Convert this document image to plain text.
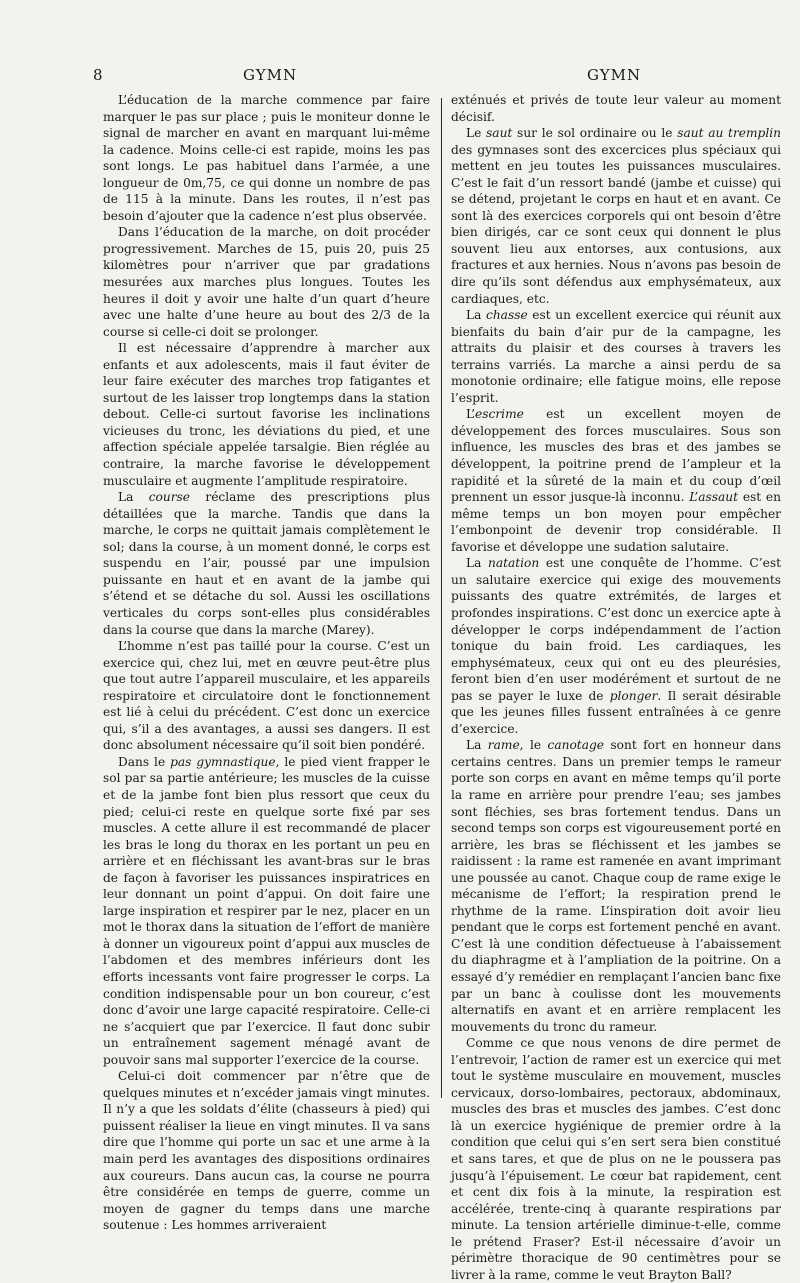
8	GYMN	GYMN

L’éducation de la marche commence par faire marquer le pas sur place ; puis le moniteur donne le signal de marcher en avant en marquant lui-même la cadence. Moins celle-ci est rapide, moins les pas sont longs. Le pas habituel dans l’armée, a une longueur de 0m,75, ce qui donne un nombre de pas de 115 à la minute. Dans les routes, il n’est pas besoin d’ajouter que la cadence n’est plus observée.

Dans l’éducation de la marche, on doit procéder progressivement. Marches de 15, puis 20, puis 25 kilomètres pour n’arriver que par gradations mesurées aux marches plus longues. Toutes les heures il doit y avoir une halte d’un quart d’heure avec une halte d’une heure au bout des 2/3 de la course si celle-ci doit se prolonger.

Il est nécessaire d’apprendre à marcher aux enfants et aux adolescents, mais il faut éviter de leur faire exécuter des marches trop fatigantes et surtout de les laisser trop longtemps dans la station debout. Celle-ci surtout favorise les inclinations vicieuses du tronc, les déviations du pied, et une affection spéciale appelée tarsalgie. Bien réglée au contraire, la marche favorise le développement musculaire et augmente l’amplitude respiratoire.

La course réclame des prescriptions plus détaillées que la marche. Tandis que dans la marche, le corps ne quittait jamais complètement le sol; dans la course, à un moment donné, le corps est suspendu en l’air, poussé par une impulsion puissante en haut et en avant de la jambe qui s’étend et se détache du sol. Aussi les oscillations verticales du corps sont-elles plus considérables dans la course que dans la marche (Marey).

L’homme n’est pas taillé pour la course. C’est un exercice qui, chez lui, met en œuvre peut-être plus que tout autre l’appareil musculaire, et les appareils respiratoire et circulatoire dont le fonctionnement est lié à celui du précédent. C’est donc un exercice qui, s’il a des avantages, a aussi ses dangers. Il est donc absolument nécessaire qu’il soit bien pondéré.

Dans le pas gymnastique, le pied vient frapper le sol par sa partie antérieure; les muscles de la cuisse et de la jambe font bien plus ressort que ceux du pied; celui-ci reste en quelque sorte fixé par ses muscles. A cette allure il est recommandé de placer les bras le long du thorax en les portant un peu en arrière et en fléchissant les avant-bras sur le bras de façon à favoriser les puissances inspiratrices en leur donnant un point d’appui. On doit faire une large inspiration et respirer par le nez, placer en un mot le thorax dans la situation de l’effort de manière à donner un vigoureux point d’appui aux muscles de l’abdomen et des membres inférieurs dont les efforts incessants vont faire progresser le corps. La condition indispensable pour un bon coureur, c’est donc d’avoir une large capacité respiratoire. Celle-ci ne s’acquiert que par l’exercice. Il faut donc subir un entraînement sagement ménagé avant de pouvoir sans mal supporter l’exercice de la course.

Celui-ci doit commencer par n’être que de quelques minutes et n’excéder jamais vingt minutes. Il n’y a que les soldats d’élite (chasseurs à pied) qui puissent réaliser la lieue en vingt minutes. Il va sans dire que l’homme qui porte un sac et une arme à la main perd les avantages des dispositions ordinaires aux coureurs. Dans aucun cas, la course ne pourra être considérée en temps de guerre, comme un moyen de gagner du temps dans une marche soutenue : Les hommes arriveraient

exténués et privés de toute leur valeur au moment décisif.

Le saut sur le sol ordinaire ou le saut au tremplin des gymnases sont des excercices plus spéciaux qui mettent en jeu toutes les puissances musculaires. C’est le fait d’un ressort bandé (jambe et cuisse) qui se détend, projetant le corps en haut et en avant. Ce sont là des exercices corporels qui ont besoin d’être bien dirigés, car ce sont ceux qui donnent le plus souvent lieu aux entorses, aux contusions, aux fractures et aux hernies. Nous n’avons pas besoin de dire qu’ils sont défendus aux emphysémateux, aux cardiaques, etc.

La chasse est un excellent exercice qui réunit aux bienfaits du bain d’air pur de la campagne, les attraits du plaisir et des courses à travers les terrains varriés. La marche a ainsi perdu de sa monotonie ordinaire; elle fatigue moins, elle repose l’esprit.

L’escrime est un excellent moyen de développement des forces musculaires. Sous son influence, les muscles des bras et des jambes se développent, la poitrine prend de l’ampleur et la rapidité et la sûreté de la main et du coup d’œil prennent un essor jusque-là inconnu. L’assaut est en même temps un bon moyen pour empêcher l’embonpoint de devenir trop considérable. Il favorise et développe une sudation salutaire.

La natation est une conquête de l’homme. C’est un salutaire exercice qui exige des mouvements puissants des quatre extrémités, de larges et profondes inspirations. C’est donc un exercice apte à développer le corps indépendamment de l’action tonique du bain froid. Les cardiaques, les emphysémateux, ceux qui ont eu des pleurésies, feront bien d’en user modérément et surtout de ne pas se payer le luxe de plonger. Il serait désirable que les jeunes filles fussent entraînées à ce genre d’exercice.

La rame, le canotage sont fort en honneur dans certains centres. Dans un premier temps le rameur porte son corps en avant en même temps qu’il porte la rame en arrière pour prendre l’eau; ses jambes sont fléchies, ses bras fortement tendus. Dans un second temps son corps est vigoureusement porté en arrière, les bras se fléchissent et les jambes se raidissent : la rame est ramenée en avant imprimant une poussée au canot. Chaque coup de rame exige le mécanisme de l’effort; la respiration prend le rhythme de la rame. L’inspiration doit avoir lieu pendant que le corps est fortement penché en avant. C’est là une condition défectueuse à l’abaissement du diaphragme et à l’ampliation de la poitrine. On a essayé d’y remédier en remplaçant l’ancien banc fixe par un banc à coulisse dont les mouvements alternatifs en avant et en arrière remplacent les mouvements du tronc du rameur.

Comme ce que nous venons de dire permet de l’entrevoir, l’action de ramer est un exercice qui met tout le système musculaire en mouvement, muscles cervicaux, dorso-lombaires, pectoraux, abdominaux, muscles des bras et muscles des jambes. C’est donc là un exercice hygiénique de premier ordre à la condition que celui qui s’en sert sera bien constitué et sans tares, et que de plus on ne le poussera pas jusqu’à l’épuisement. Le cœur bat rapidement, cent et cent dix fois à la minute, la respiration est accélérée, trente-cinq à quarante respirations par minute. La tension artérielle diminue-t-elle, comme le prétend Fraser? Est-il nécessaire d’avoir un périmètre thoracique de 90 centimètres pour se livrer à la rame, comme le veut Brayton Ball?
